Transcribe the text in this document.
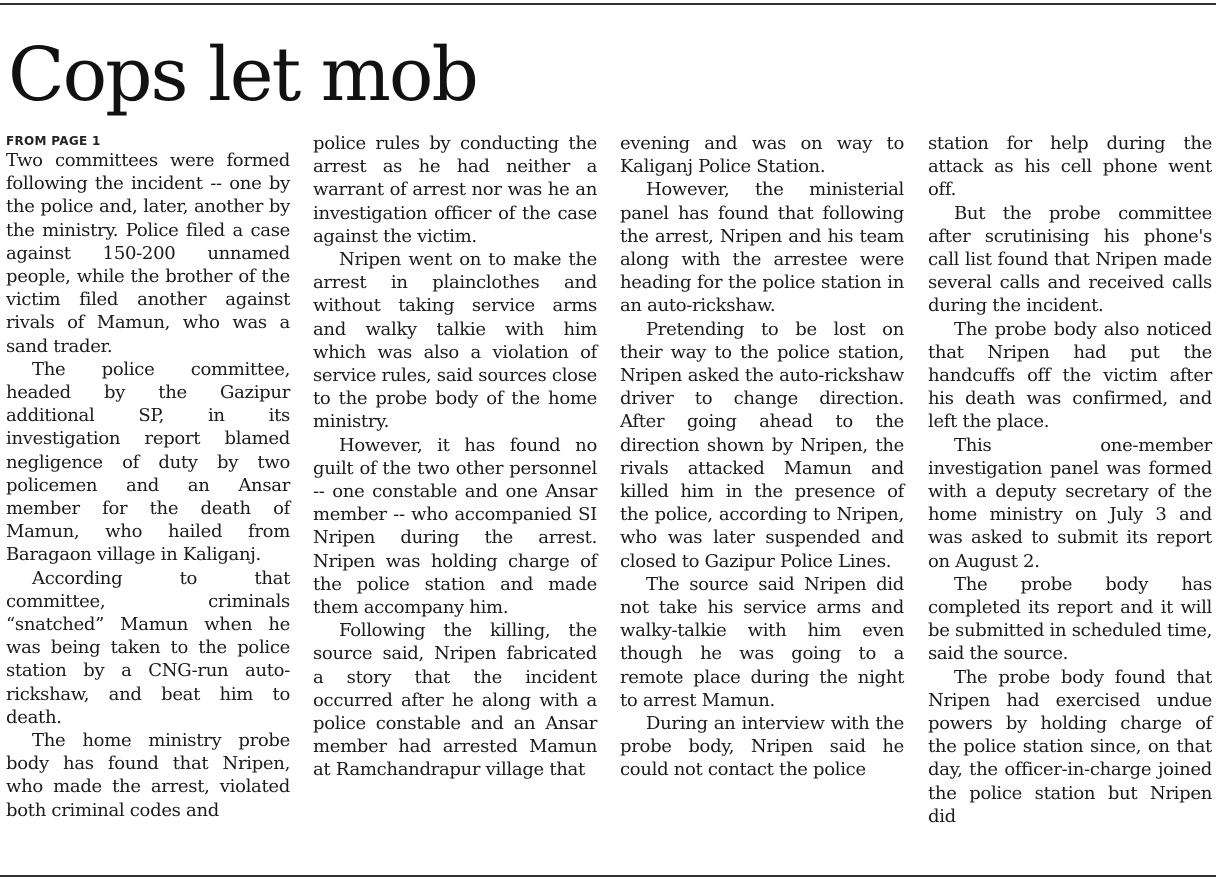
Cops let mob
FROM PAGE 1

Two committees were formed following the incident -- one by the police and, later, another by the ministry. Police filed a case against 150-200 unnamed people, while the brother of the victim filed another against rivals of Mamun, who was a sand trader.

The police committee, headed by the Gazipur additional SP, in its investigation report blamed negligence of duty by two policemen and an Ansar member for the death of Mamun, who hailed from Baragaon village in Kaliganj.

According to that committee, criminals “snatched” Mamun when he was being taken to the police station by a CNG-run auto-rickshaw, and beat him to death.

The home ministry probe body has found that Nripen, who made the arrest, violated both criminal codes and

police rules by conducting the arrest as he had neither a warrant of arrest nor was he an investigation officer of the case against the victim.

Nripen went on to make the arrest in plainclothes and without taking service arms and walky talkie with him which was also a violation of service rules, said sources close to the probe body of the home ministry.

However, it has found no guilt of the two other personnel -- one constable and one Ansar member -- who accompanied SI Nripen during the arrest. Nripen was holding charge of the police station and made them accompany him.

Following the killing, the source said, Nripen fabricated a story that the incident occurred after he along with a police constable and an Ansar member had arrested Mamun at Ramchandrapur village that

evening and was on way to Kaliganj Police Station.

However, the ministerial panel has found that following the arrest, Nripen and his team along with the arrestee were heading for the police station in an auto-rickshaw.

Pretending to be lost on their way to the police station, Nripen asked the auto-rickshaw driver to change direction. After going ahead to the direction shown by Nripen, the rivals attacked Mamun and killed him in the presence of the police, according to Nripen, who was later suspended and closed to Gazipur Police Lines.

The source said Nripen did not take his service arms and walky-talkie with him even though he was going to a remote place during the night to arrest Mamun.

During an interview with the probe body, Nripen said he could not contact the police

station for help during the attack as his cell phone went off.

But the probe committee after scrutinising his phone's call list found that Nripen made several calls and received calls during the incident.

The probe body also noticed that Nripen had put the handcuffs off the victim after his death was confirmed, and left the place.

This one-member investigation panel was formed with a deputy secretary of the home ministry on July 3 and was asked to submit its report on August 2.

The probe body has completed its report and it will be submitted in scheduled time, said the source.

The probe body found that Nripen had exercised undue powers by holding charge of the police station since, on that day, the officer-in-charge joined the police station but Nripen did
